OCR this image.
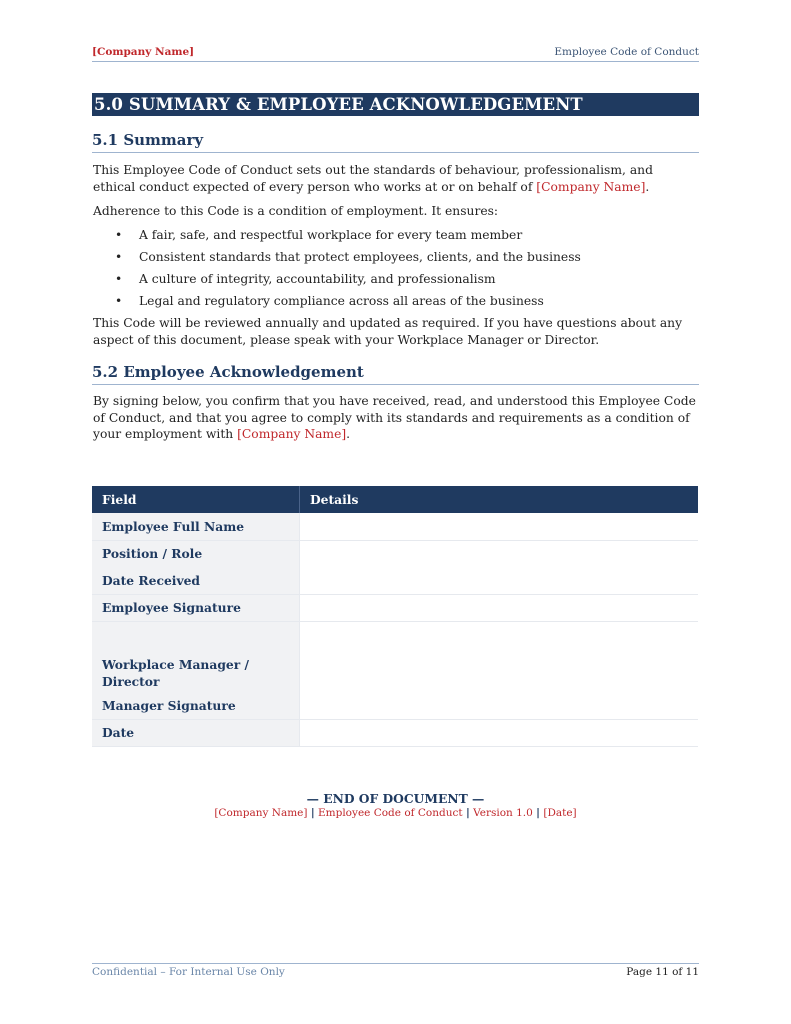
[Company Name]	Employee Code of Conduct
5.0 SUMMARY & EMPLOYEE ACKNOWLEDGEMENT
5.1 Summary

This Employee Code of Conduct sets out the standards of behaviour, professionalism, and ethical conduct expected of every person who works at or on behalf of [Company Name].

Adherence to this Code is a condition of employment. It ensures:

• A fair, safe, and respectful workplace for every team member
• Consistent standards that protect employees, clients, and the business
• A culture of integrity, accountability, and professionalism
• Legal and regulatory compliance across all areas of the business

This Code will be reviewed annually and updated as required. If you have questions about any aspect of this document, please speak with your Workplace Manager or Director.

5.2 Employee Acknowledgement

By signing below, you confirm that you have received, read, and understood this Employee Code of Conduct, and that you agree to comply with its standards and requirements as a condition of your employment with [Company Name].

Field	Details
Employee Full Name	
Position / Role	
Date Received	
Employee Signature	
Workplace Manager / Director	
Manager Signature	
Date	
— END OF DOCUMENT —
[Company Name] | Employee Code of Conduct | Version 1.0 | [Date]
Confidential – For Internal Use Only	Page 11 of 11
